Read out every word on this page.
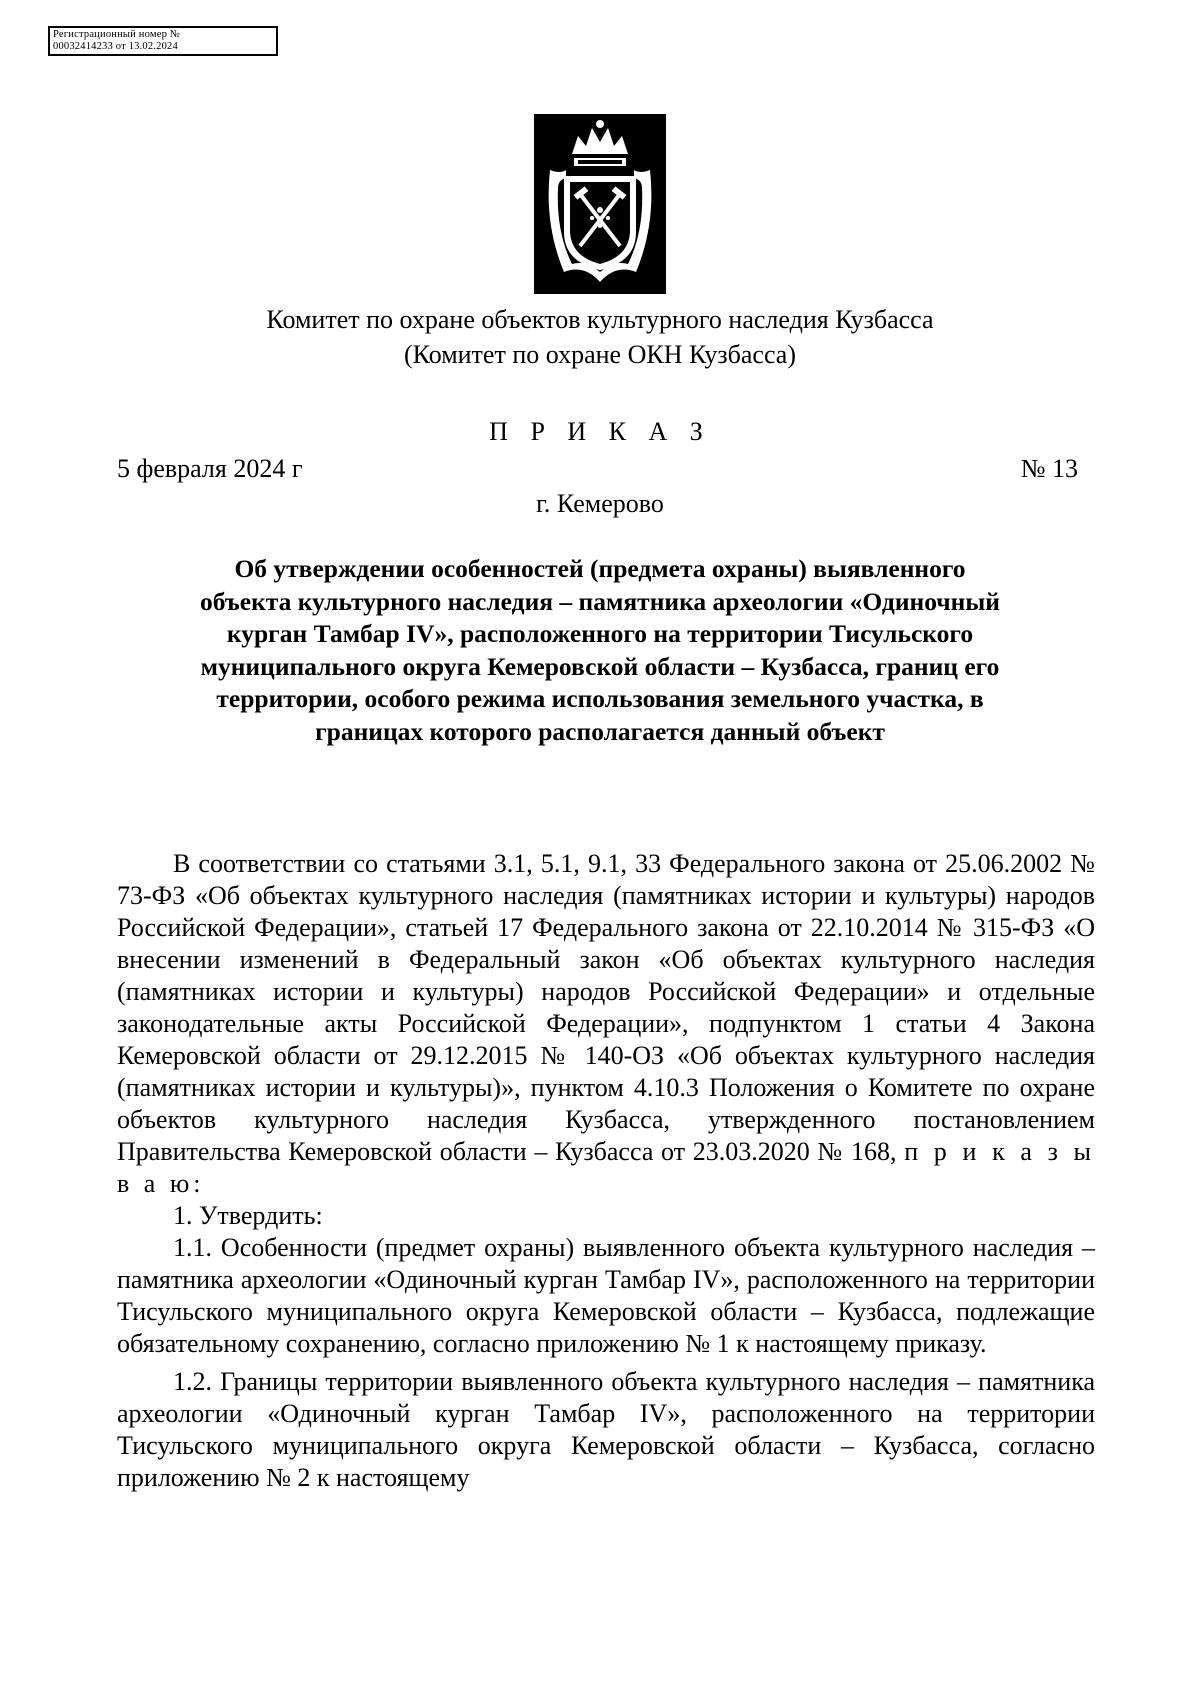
Регистрационный номер №
00032414233 от 13.02.2024
Комитет по охране объектов культурного наследия Кузбасса
(Комитет по охране ОКН Кузбасса)
П Р И К А З
5 февраля 2024 г	№ 13
г. Кемерово
Об утверждении особенностей (предмета охраны) выявленного объекта культурного наследия – памятника археологии «Одиночный курган Тамбар IV», расположенного на территории Тисульского муниципального округа Кемеровской области – Кузбасса, границ его территории, особого режима использования земельного участка, в границах которого располагается данный объект

В соответствии со статьями 3.1, 5.1, 9.1, 33 Федерального закона от 25.06.2002 № 73-ФЗ «Об объектах культурного наследия (памятниках истории и культуры) народов Российской Федерации», статьей 17 Федерального закона от 22.10.2014 № 315-ФЗ «О внесении изменений в Федеральный закон «Об объектах культурного наследия (памятниках истории и культуры) народов Российской Федерации» и отдельные законодательные акты Российской Федерации», подпунктом 1 статьи 4 Закона Кемеровской области от 29.12.2015 № 140-ОЗ «Об объектах культурного наследия (памятниках истории и культуры)», пунктом 4.10.3 Положения о Комитете по охране объектов культурного наследия Кузбасса, утвержденного постановлением Правительства Кемеровской области – Кузбасса от 23.03.2020 № 168, п р и к а з ы в а ю:

1. Утвердить:

1.1. Особенности (предмет охраны) выявленного объекта культурного наследия – памятника археологии «Одиночный курган Тамбар IV», расположенного на территории Тисульского муниципального округа Кемеровской области – Кузбасса, подлежащие обязательному сохранению, согласно приложению № 1 к настоящему приказу.

1.2. Границы территории выявленного объекта культурного наследия – памятника археологии «Одиночный курган Тамбар IV», расположенного на территории Тисульского муниципального округа Кемеровской области – Кузбасса, согласно приложению № 2 к настоящему
